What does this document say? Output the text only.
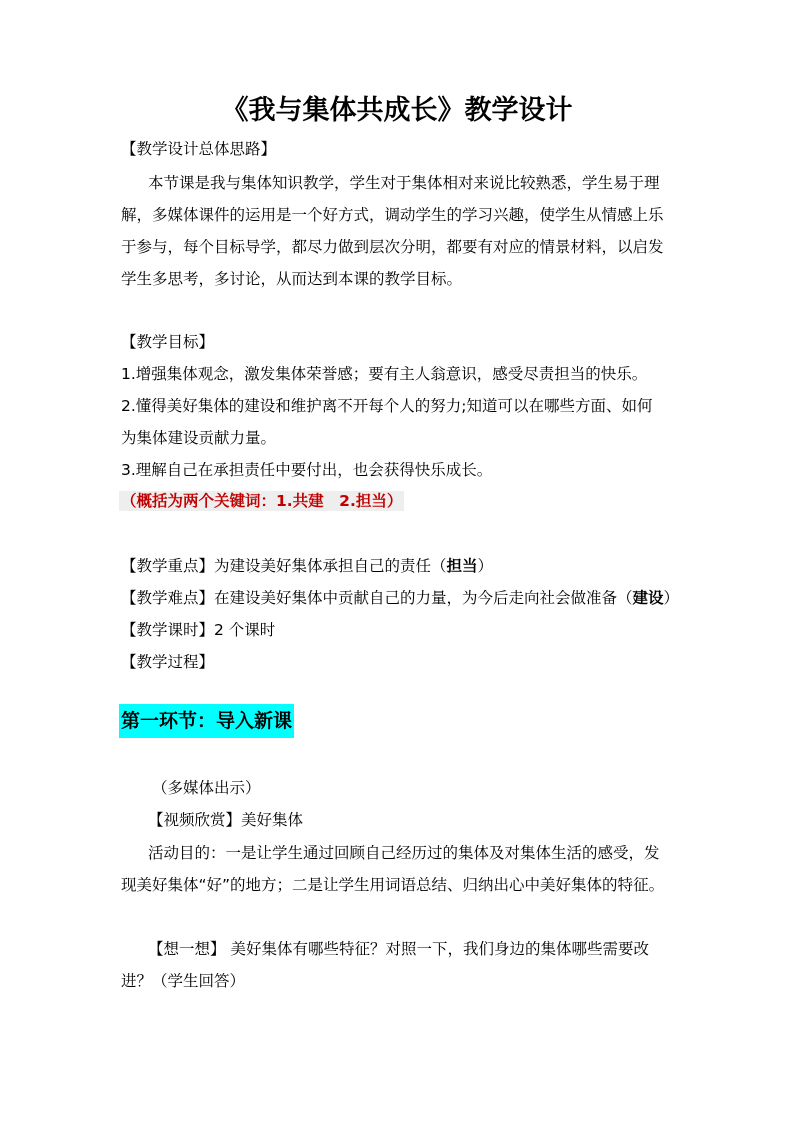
《我与集体共成长》教学设计
【教学设计总体思路】
本节课是我与集体知识教学，学生对于集体相对来说比较熟悉，学生易于理
解，多媒体课件的运用是一个好方式，调动学生的学习兴趣，使学生从情感上乐
于参与，每个目标导学，都尽力做到层次分明，都要有对应的情景材料，以启发
学生多思考，多讨论，从而达到本课的教学目标。
【教学目标】
1.增强集体观念，激发集体荣誉感；要有主人翁意识，感受尽责担当的快乐。
2.懂得美好集体的建设和维护离不开每个人的努力;知道可以在哪些方面、如何
为集体建设贡献力量。
3.理解自己在承担责任中要付出，也会获得快乐成长。
（概括为两个关键词：1.共建　2.担当）
【教学重点】为建设美好集体承担自己的责任（担当）
【教学难点】在建设美好集体中贡献自己的力量，为今后走向社会做准备（建设）
【教学课时】2 个课时
【教学过程】
第一环节：导入新课
（多媒体出示）
【视频欣赏】美好集体
活动目的：一是让学生通过回顾自己经历过的集体及对集体生活的感受，发
现美好集体“好”的地方；二是让学生用词语总结、归纳出心中美好集体的特征。
【想一想】 美好集体有哪些特征？对照一下，我们身边的集体哪些需要改
进？（学生回答）
